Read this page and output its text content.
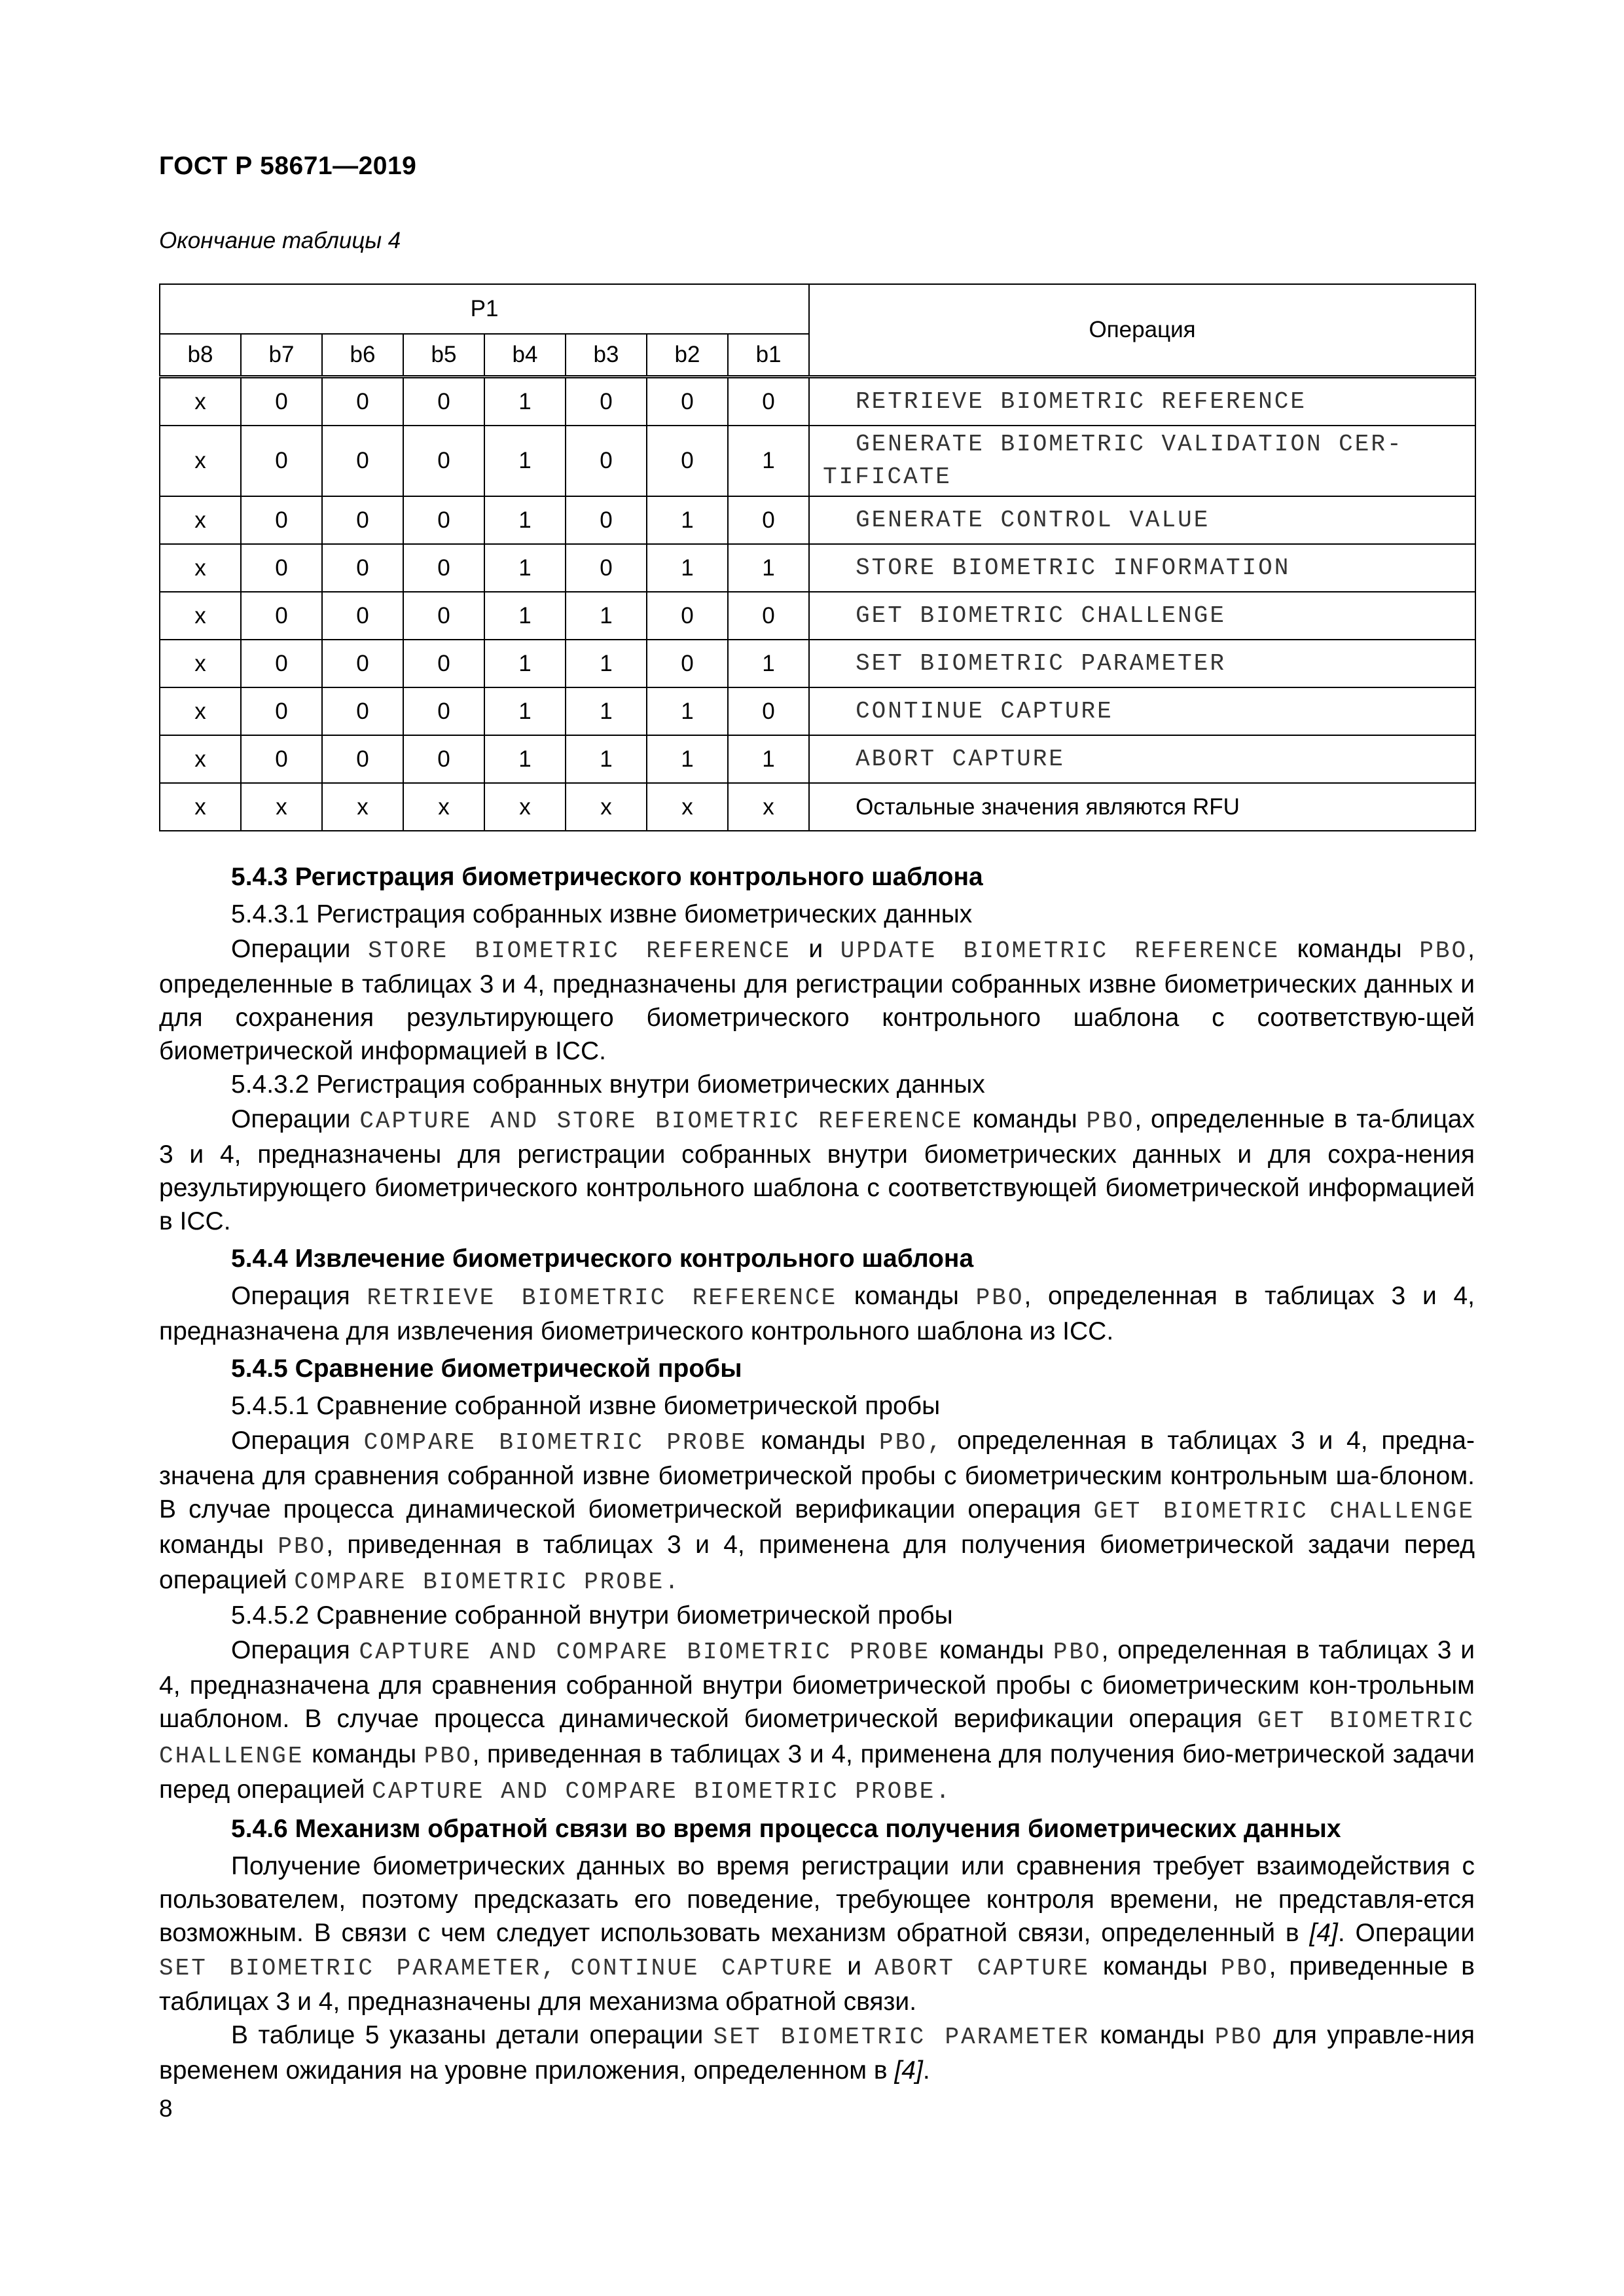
ГОСТ Р 58671—2019
Окончание таблицы 4
P1								Операция
b8	b7	b6	b5	b4	b3	b2	b1	
x	0	0	0	1	0	0	0	RETRIEVE BIOMETRIC REFERENCE
x	0	0	0	1	0	0	1	GENERATE BIOMETRIC VALIDATION CER-
TIFICATE

x	0	0	0	1	0	1	0	GENERATE CONTROL VALUE
x	0	0	0	1	0	1	1	STORE BIOMETRIC INFORMATION
x	0	0	0	1	1	0	0	GET BIOMETRIC CHALLENGE
x	0	0	0	1	1	0	1	SET BIOMETRIC PARAMETER
x	0	0	0	1	1	1	0	CONTINUE CAPTURE
x	0	0	0	1	1	1	1	ABORT CAPTURE
x	x	x	x	x	x	x	x	Остальные значения являются RFU

5.4.3 Регистрация биометрического контрольного шаблона

5.4.3.1 Регистрация собранных извне биометрических данных

Операции STORE BIOMETRIC REFERENCE и UPDATE BIOMETRIC REFERENCE команды PBO, определенные в таблицах 3 и 4, предназначены для регистрации собранных извне биометрических данных и для сохранения результирующего биометрического контрольного шаблона с соответствую-щей биометрической информацией в ICC.

5.4.3.2 Регистрация собранных внутри биометрических данных

Операции CAPTURE AND STORE BIOMETRIC REFERENCE команды PBO, определенные в та-блицах 3 и 4, предназначены для регистрации собранных внутри биометрических данных и для сохра-нения результирующего биометрического контрольного шаблона с соответствующей биометрической информацией в ICC.

5.4.4 Извлечение биометрического контрольного шаблона

Операция RETRIEVE BIOMETRIC REFERENCE команды PBO, определенная в таблицах 3 и 4, предназначена для извлечения биометрического контрольного шаблона из ICC.

5.4.5 Сравнение биометрической пробы

5.4.5.1 Сравнение собранной извне биометрической пробы

Операция COMPARE BIOMETRIC PROBE команды PBO, определенная в таблицах 3 и 4, предна-значена для сравнения собранной извне биометрической пробы с биометрическим контрольным ша-блоном. В случае процесса динамической биометрической верификации операция GET BIOMETRIC CHALLENGE команды PBO, приведенная в таблицах 3 и 4, применена для получения биометрической задачи перед операцией COMPARE BIOMETRIC PROBE.

5.4.5.2 Сравнение собранной внутри биометрической пробы

Операция CAPTURE AND COMPARE BIOMETRIC PROBE команды PBO, определенная в таблицах 3 и 4, предназначена для сравнения собранной внутри биометрической пробы с биометрическим кон-трольным шаблоном. В случае процесса динамической биометрической верификации операция GET BIOMETRIC CHALLENGE команды PBO, приведенная в таблицах 3 и 4, применена для получения био-метрической задачи перед операцией CAPTURE AND COMPARE BIOMETRIC PROBE.

5.4.6 Механизм обратной связи во время процесса получения биометрических данных

Получение биометрических данных во время регистрации или сравнения требует взаимодействия с пользователем, поэтому предсказать его поведение, требующее контроля времени, не представля-ется возможным. В связи с чем следует использовать механизм обратной связи, определенный в [4]. Операции SET BIOMETRIC PARAMETER, CONTINUE CAPTURE и ABORT CAPTURE команды PBO, приведенные в таблицах 3 и 4, предназначены для механизма обратной связи.

В таблице 5 указаны детали операции SET BIOMETRIC PARAMETER команды PBO для управле-ния временем ожидания на уровне приложения, определенном в [4].

8
